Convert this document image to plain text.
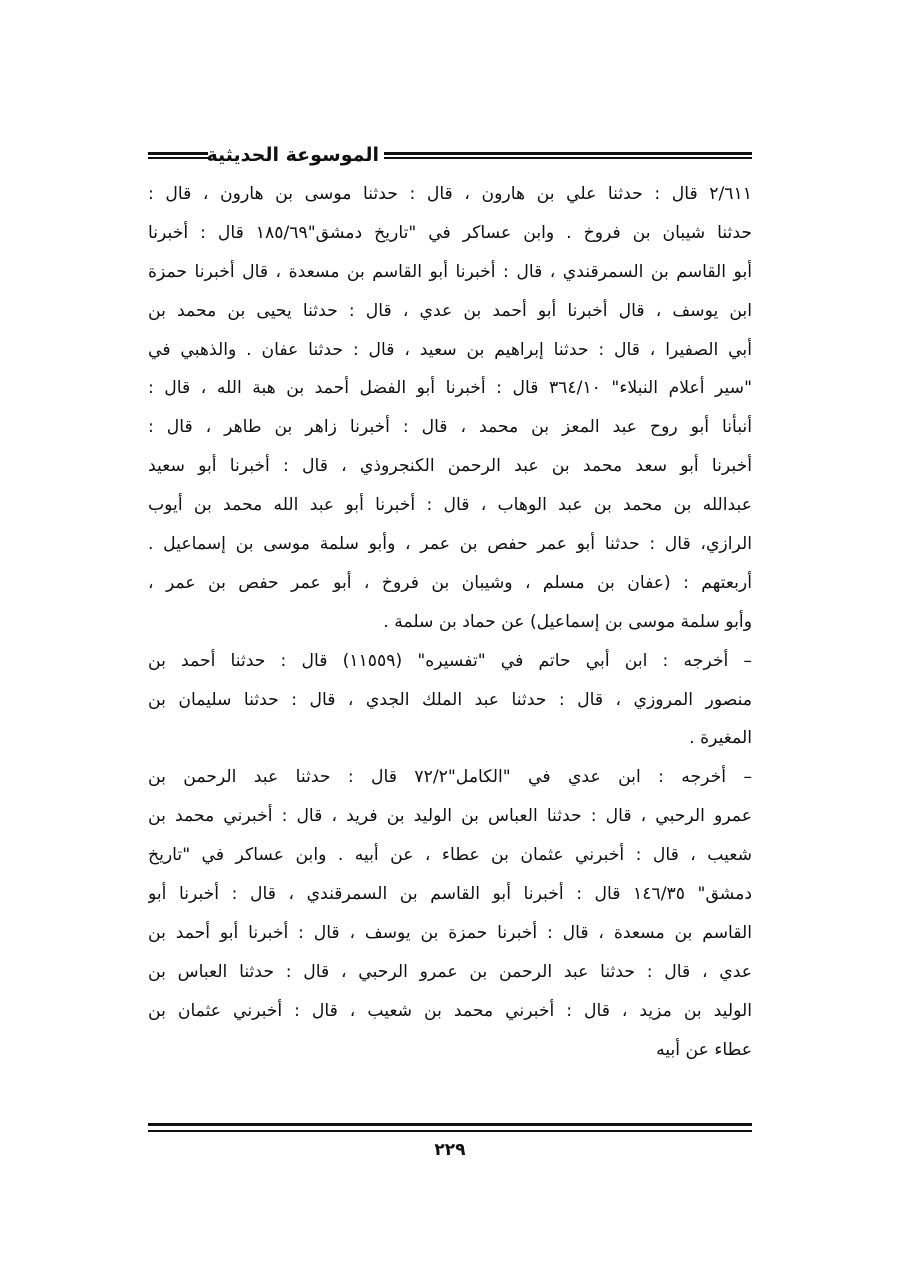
الموسوعة الحديثية
٢/٦١١ قال : حدثنا علي بن هارون ، قال : حدثنا موسى بن هارون ، قال :
حدثنا شيبان بن فروخ . وابن عساكر في "تاريخ دمشق"١٨٥/٦٩ قال : أخبرنا
أبو القاسم بن السمرقندي ، قال : أخبرنا أبو القاسم بن مسعدة ، قال أخبرنا حمزة
ابن يوسف ، قال أخبرنا أبو أحمد بن عدي ، قال : حدثنا يحيى بن محمد بن
أبي الصفيرا ، قال : حدثنا إبراهيم بن سعيد ، قال : حدثنا عفان . والذهبي في
"سير أعلام النبلاء" ٣٦٤/١٠ قال : أخبرنا أبو الفضل أحمد بن هبة الله ، قال :
أنبأنا أبو روح عبد المعز بن محمد ، قال : أخبرنا زاهر بن طاهر ، قال :
أخبرنا أبو سعد محمد بن عبد الرحمن الكنجروذي ، قال : أخبرنا أبو سعيد
عبدالله بن محمد بن عبد الوهاب ، قال : أخبرنا أبو عبد الله محمد بن أيوب
الرازي، قال : حدثنا أبو عمر حفص بن عمر ، وأبو سلمة موسى بن إسماعيل .
أربعتهم : (عفان بن مسلم ، وشيبان بن فروخ ، أبو عمر حفص بن عمر ،
وأبو سلمة موسى بن إسماعيل) عن حماد بن سلمة .
– أخرجه : ابن أبي حاتم في "تفسيره" (١١٥٥٩) قال : حدثنا أحمد بن
منصور المروزي ، قال : حدثنا عبد الملك الجدي ، قال : حدثنا سليمان بن
المغيرة .
– أخرجه : ابن عدي في "الكامل"٧٢/٢ قال : حدثنا عبد الرحمن بن
عمرو الرحبي ، قال : حدثنا العباس بن الوليد بن فريد ، قال : أخبرني محمد بن
شعيب ، قال : أخبرني عثمان بن عطاء ، عن أبيه . وابن عساكر في "تاريخ
دمشق" ١٤٦/٣٥ قال : أخبرنا أبو القاسم بن السمرقندي ، قال : أخبرنا أبو
القاسم بن مسعدة ، قال : أخبرنا حمزة بن يوسف ، قال : أخبرنا أبو أحمد بن
عدي ، قال : حدثنا عبد الرحمن بن عمرو الرحبي ، قال : حدثنا العباس بن
الوليد بن مزيد ، قال : أخبرني محمد بن شعيب ، قال : أخبرني عثمان بن
عطاء عن أبيه
٢٢٩
